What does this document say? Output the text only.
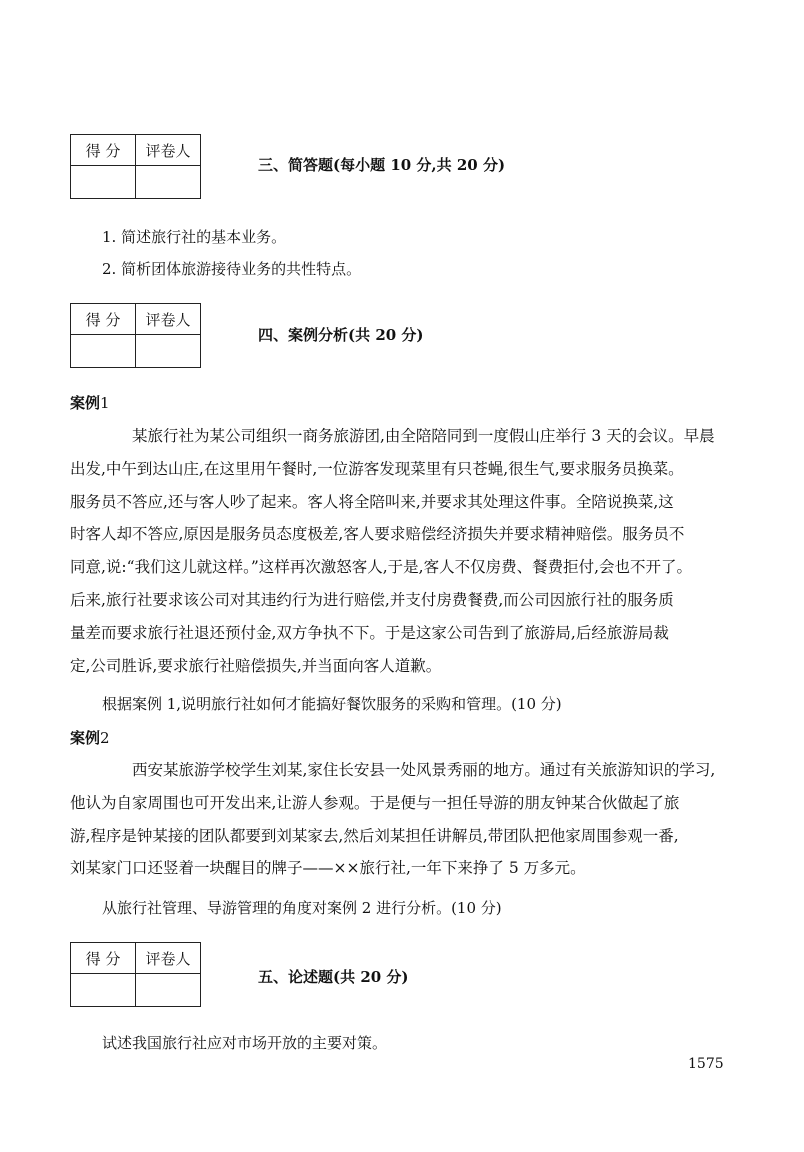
得 分	评卷人

三、简答题(每小题 10 分,共 20 分)
1. 简述旅行社的基本业务。
2. 简析团体旅游接待业务的共性特点。
得 分	评卷人

四、案例分析(共 20 分)
案例1

某旅行社为某公司组织一商务旅游团,由全陪陪同到一度假山庄举行 3 天的会议。早晨

出发,中午到达山庄,在这里用午餐时,一位游客发现菜里有只苍蝇,很生气,要求服务员换菜。
服务员不答应,还与客人吵了起来。客人将全陪叫来,并要求其处理这件事。全陪说换菜,这
时客人却不答应,原因是服务员态度极差,客人要求赔偿经济损失并要求精神赔偿。服务员不
同意,说:“我们这儿就这样。”这样再次激怒客人,于是,客人不仅房费、餐费拒付,会也不开了。
后来,旅行社要求该公司对其违约行为进行赔偿,并支付房费餐费,而公司因旅行社的服务质
量差而要求旅行社退还预付金,双方争执不下。于是这家公司告到了旅游局,后经旅游局裁
定,公司胜诉,要求旅行社赔偿损失,并当面向客人道歉。

根据案例 1,说明旅行社如何才能搞好餐饮服务的采购和管理。(10 分)
案例2

西安某旅游学校学生刘某,家住长安县一处风景秀丽的地方。通过有关旅游知识的学习,

他认为自家周围也可开发出来,让游人参观。于是便与一担任导游的朋友钟某合伙做起了旅
游,程序是钟某接的团队都要到刘某家去,然后刘某担任讲解员,带团队把他家周围参观一番,
刘某家门口还竖着一块醒目的牌子——××旅行社,一年下来挣了 5 万多元。

从旅行社管理、导游管理的角度对案例 2 进行分析。(10 分)
得 分	评卷人

五、论述题(共 20 分)
试述我国旅行社应对市场开放的主要对策。
1575
